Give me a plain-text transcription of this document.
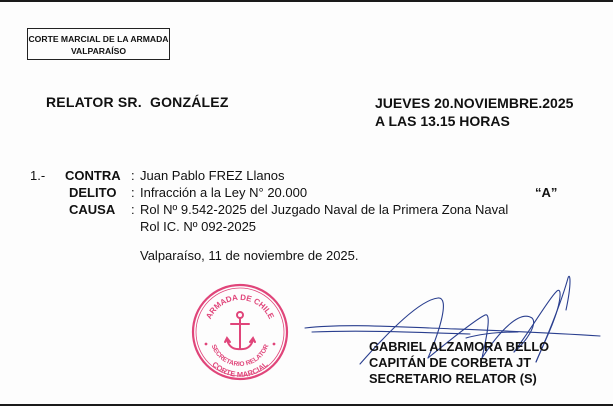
CORTE MARCIAL DE LA ARMADA
VALPARAÍSO
RELATOR SR.  GONZÁLEZ	JUEVES 20.NOVIEMBRE.2025
A LAS 13.15 HORAS
1.- CONTRA
DELITO
CAUSA
:
:
:
Juan Pablo FREZ Llanos
Infracción a la Ley N° 20.000
Rol Nº 9.542-2025 del Juzgado Naval de la Primera Zona Naval
Rol IC. Nº 092-2025
“A”
Valparaíso, 11 de noviembre de 2025.
ARMADA DE CHILE
SECRETARIO RELATOR
CORTE MARCIAL
GABRIEL ALZAMORA BELLO
CAPITÁN DE CORBETA JT
SECRETARIO RELATOR (S)
